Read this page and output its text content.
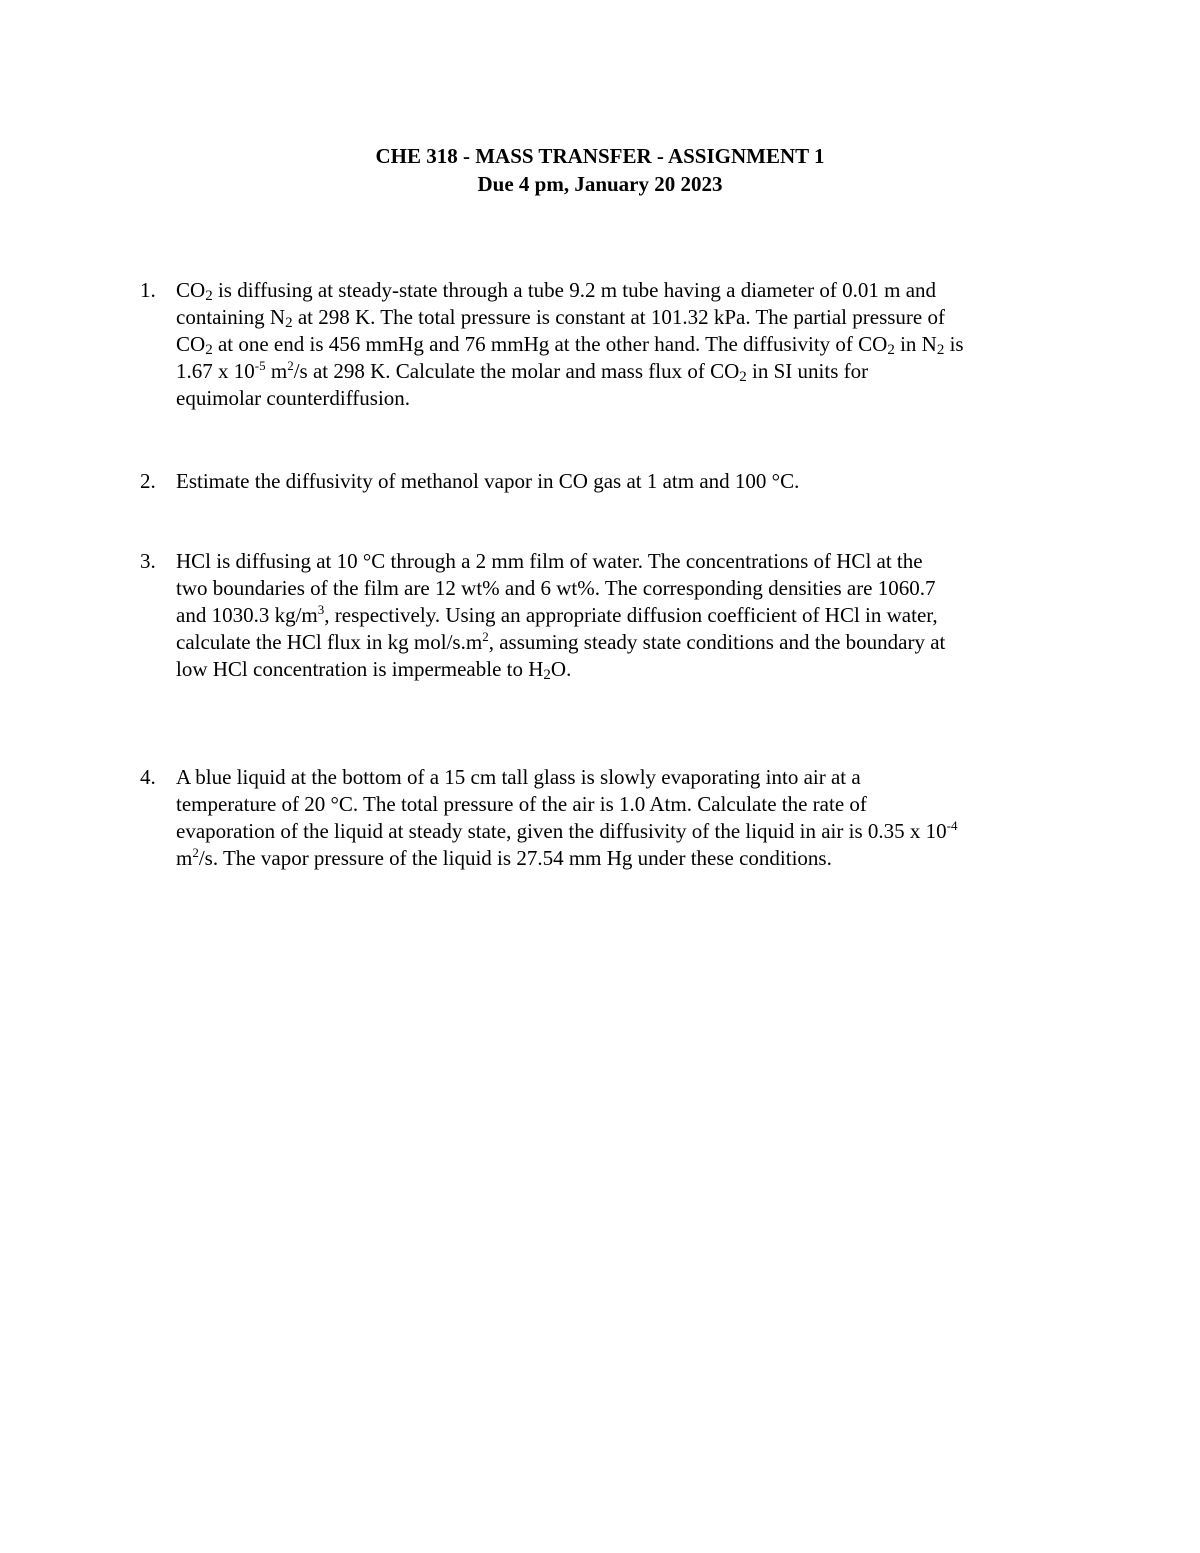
CHE 318 - MASS TRANSFER - ASSIGNMENT 1
Due 4 pm, January 20 2023
1. $CO_2$ is diffusing at steady-state through a tube 9.2 m tube having a diameter of 0.01 m and
containing $N_2$ at 298 K. The total pressure is constant at 101.32 kPa. The partial pressure of
$CO_2$ at one end is 456 mmHg and 76 mmHg at the other hand. The diffusivity of $CO_2$ in $N_2$ is
1.67 x $10^{-5}$ $m^2/s$ at 298 K. Calculate the molar and mass flux of $CO_2$ in SI units for
equimolar counterdiffusion.
2. Estimate the diffusivity of methanol vapor in CO gas at 1 atm and 100 °C.
3. HCl is diffusing at 10 °C through a 2 mm film of water. The concentrations of HCl at the
two boundaries of the film are 12 wt% and 6 wt%. The corresponding densities are 1060.7
and 1030.3 $kg/m^3$, respectively. Using an appropriate diffusion coefficient of HCl in water,
calculate the HCl flux in kg mol/$s.m^2$, assuming steady state conditions and the boundary at
low HCl concentration is impermeable to $H_2O$.
4. A blue liquid at the bottom of a 15 cm tall glass is slowly evaporating into air at a
temperature of 20 °C. The total pressure of the air is 1.0 Atm. Calculate the rate of
evaporation of the liquid at steady state, given the diffusivity of the liquid in air is 0.35 x $10^{-4}$
$m^2/s$. The vapor pressure of the liquid is 27.54 mm Hg under these conditions.
